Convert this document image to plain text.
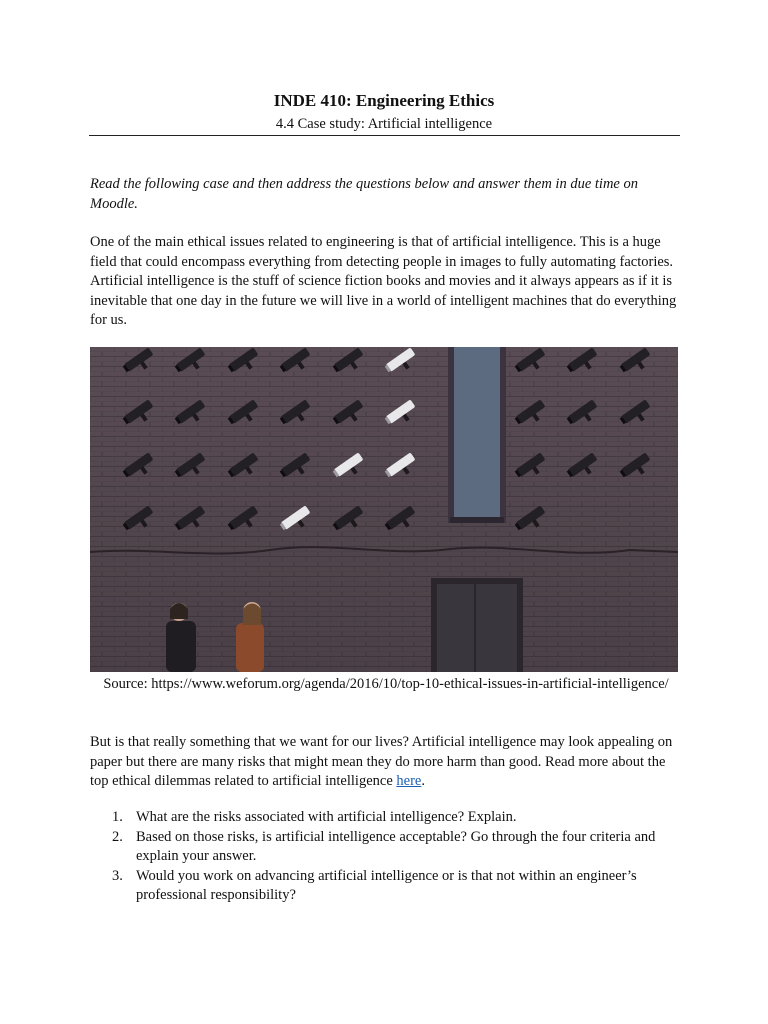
INDE 410: Engineering Ethics
4.4 Case study: Artificial intelligence

Read the following case and then address the questions below and answer them in due time on Moodle.

One of the main ethical issues related to engineering is that of artificial intelligence. This is a huge field that could encompass everything from detecting people in images to fully automating factories. Artificial intelligence is the stuff of science fiction books and movies and it always appears as if it is inevitable that one day in the future we will live in a world of intelligent machines that do everything for us.

Source: https://www.weforum.org/agenda/2016/10/top-10-ethical-issues-in-artificial-intelligence/

But is that really something that we want for our lives? Artificial intelligence may look appealing on paper but there are many risks that might mean they do more harm than good. Read more about the top ethical dilemmas related to artificial intelligence here.

1. What are the risks associated with artificial intelligence? Explain.
2. Based on those risks, is artificial intelligence acceptable? Go through the four criteria and explain your answer.
3. Would you work on advancing artificial intelligence or is that not within an engineer’s professional responsibility?
